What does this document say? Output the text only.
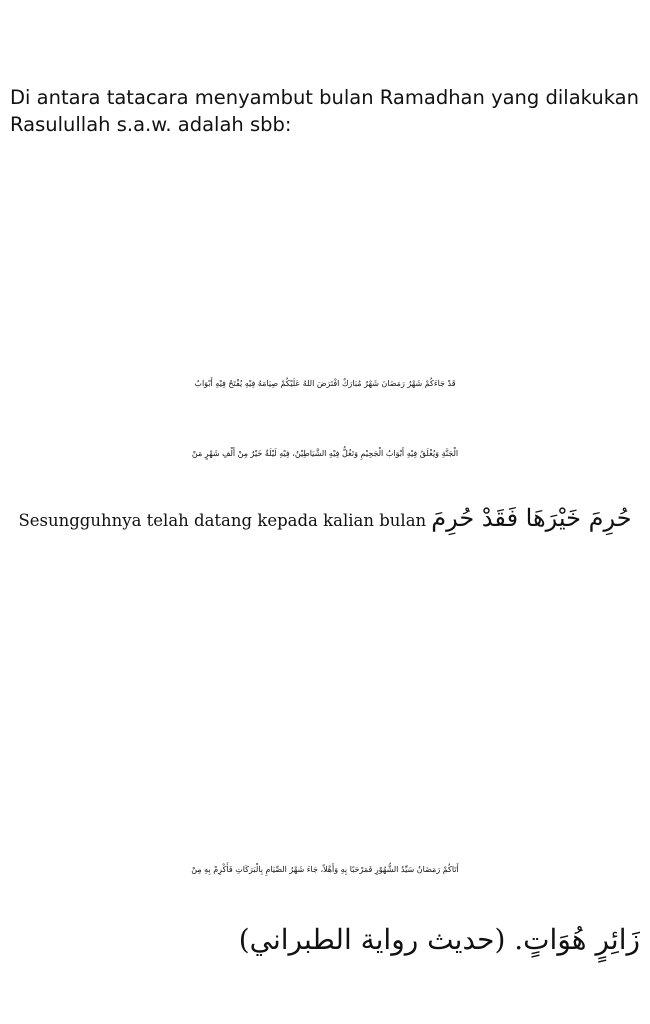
Di antara tatacara menyambut bulan Ramadhan yang dilakukan
Rasulullah s.a.w. adalah sbb:
قَدْ جَاءَكُمْ شَهْرُ رَمَضَانَ شَهْرٌ مُبَارَكٌ افْتَرَضَ اللهُ عَلَيْكُمْ صِيَامَهُ فِيْهِ يُفْتَحُ فِيْهِ أَبْوَابُ
الْجَنَّةِ وَيُغْلَقُ فِيْهِ أَبْوَابُ الْجَحِيْمِ وَتَغُلُّ فِيْهِ الشَّيَاطِيْنُ، فِيْهِ لَيْلَةٌ خَيْرٌ مِنْ أَلْفِ شَهْرٍ مَنْ
Sesungguhnya telah datang kepada kalian bulan حُرِمَ خَيْرَهَا فَقَدْ حُرِمَ
أَتَاكُمْ رَمَضَانُ سَيِّدُ الشُّهُوْرِ فَمَرْحَبًا بِهِ وَأَهْلاً، جَاءَ شَهْرُ الصِّيَامِ بِالْبَرَكَاتِ فَأَكْرِمْ بِهِ مِنْ
زَائِرٍ هُوَاتٍ. (حديث رواية الطبراني)
